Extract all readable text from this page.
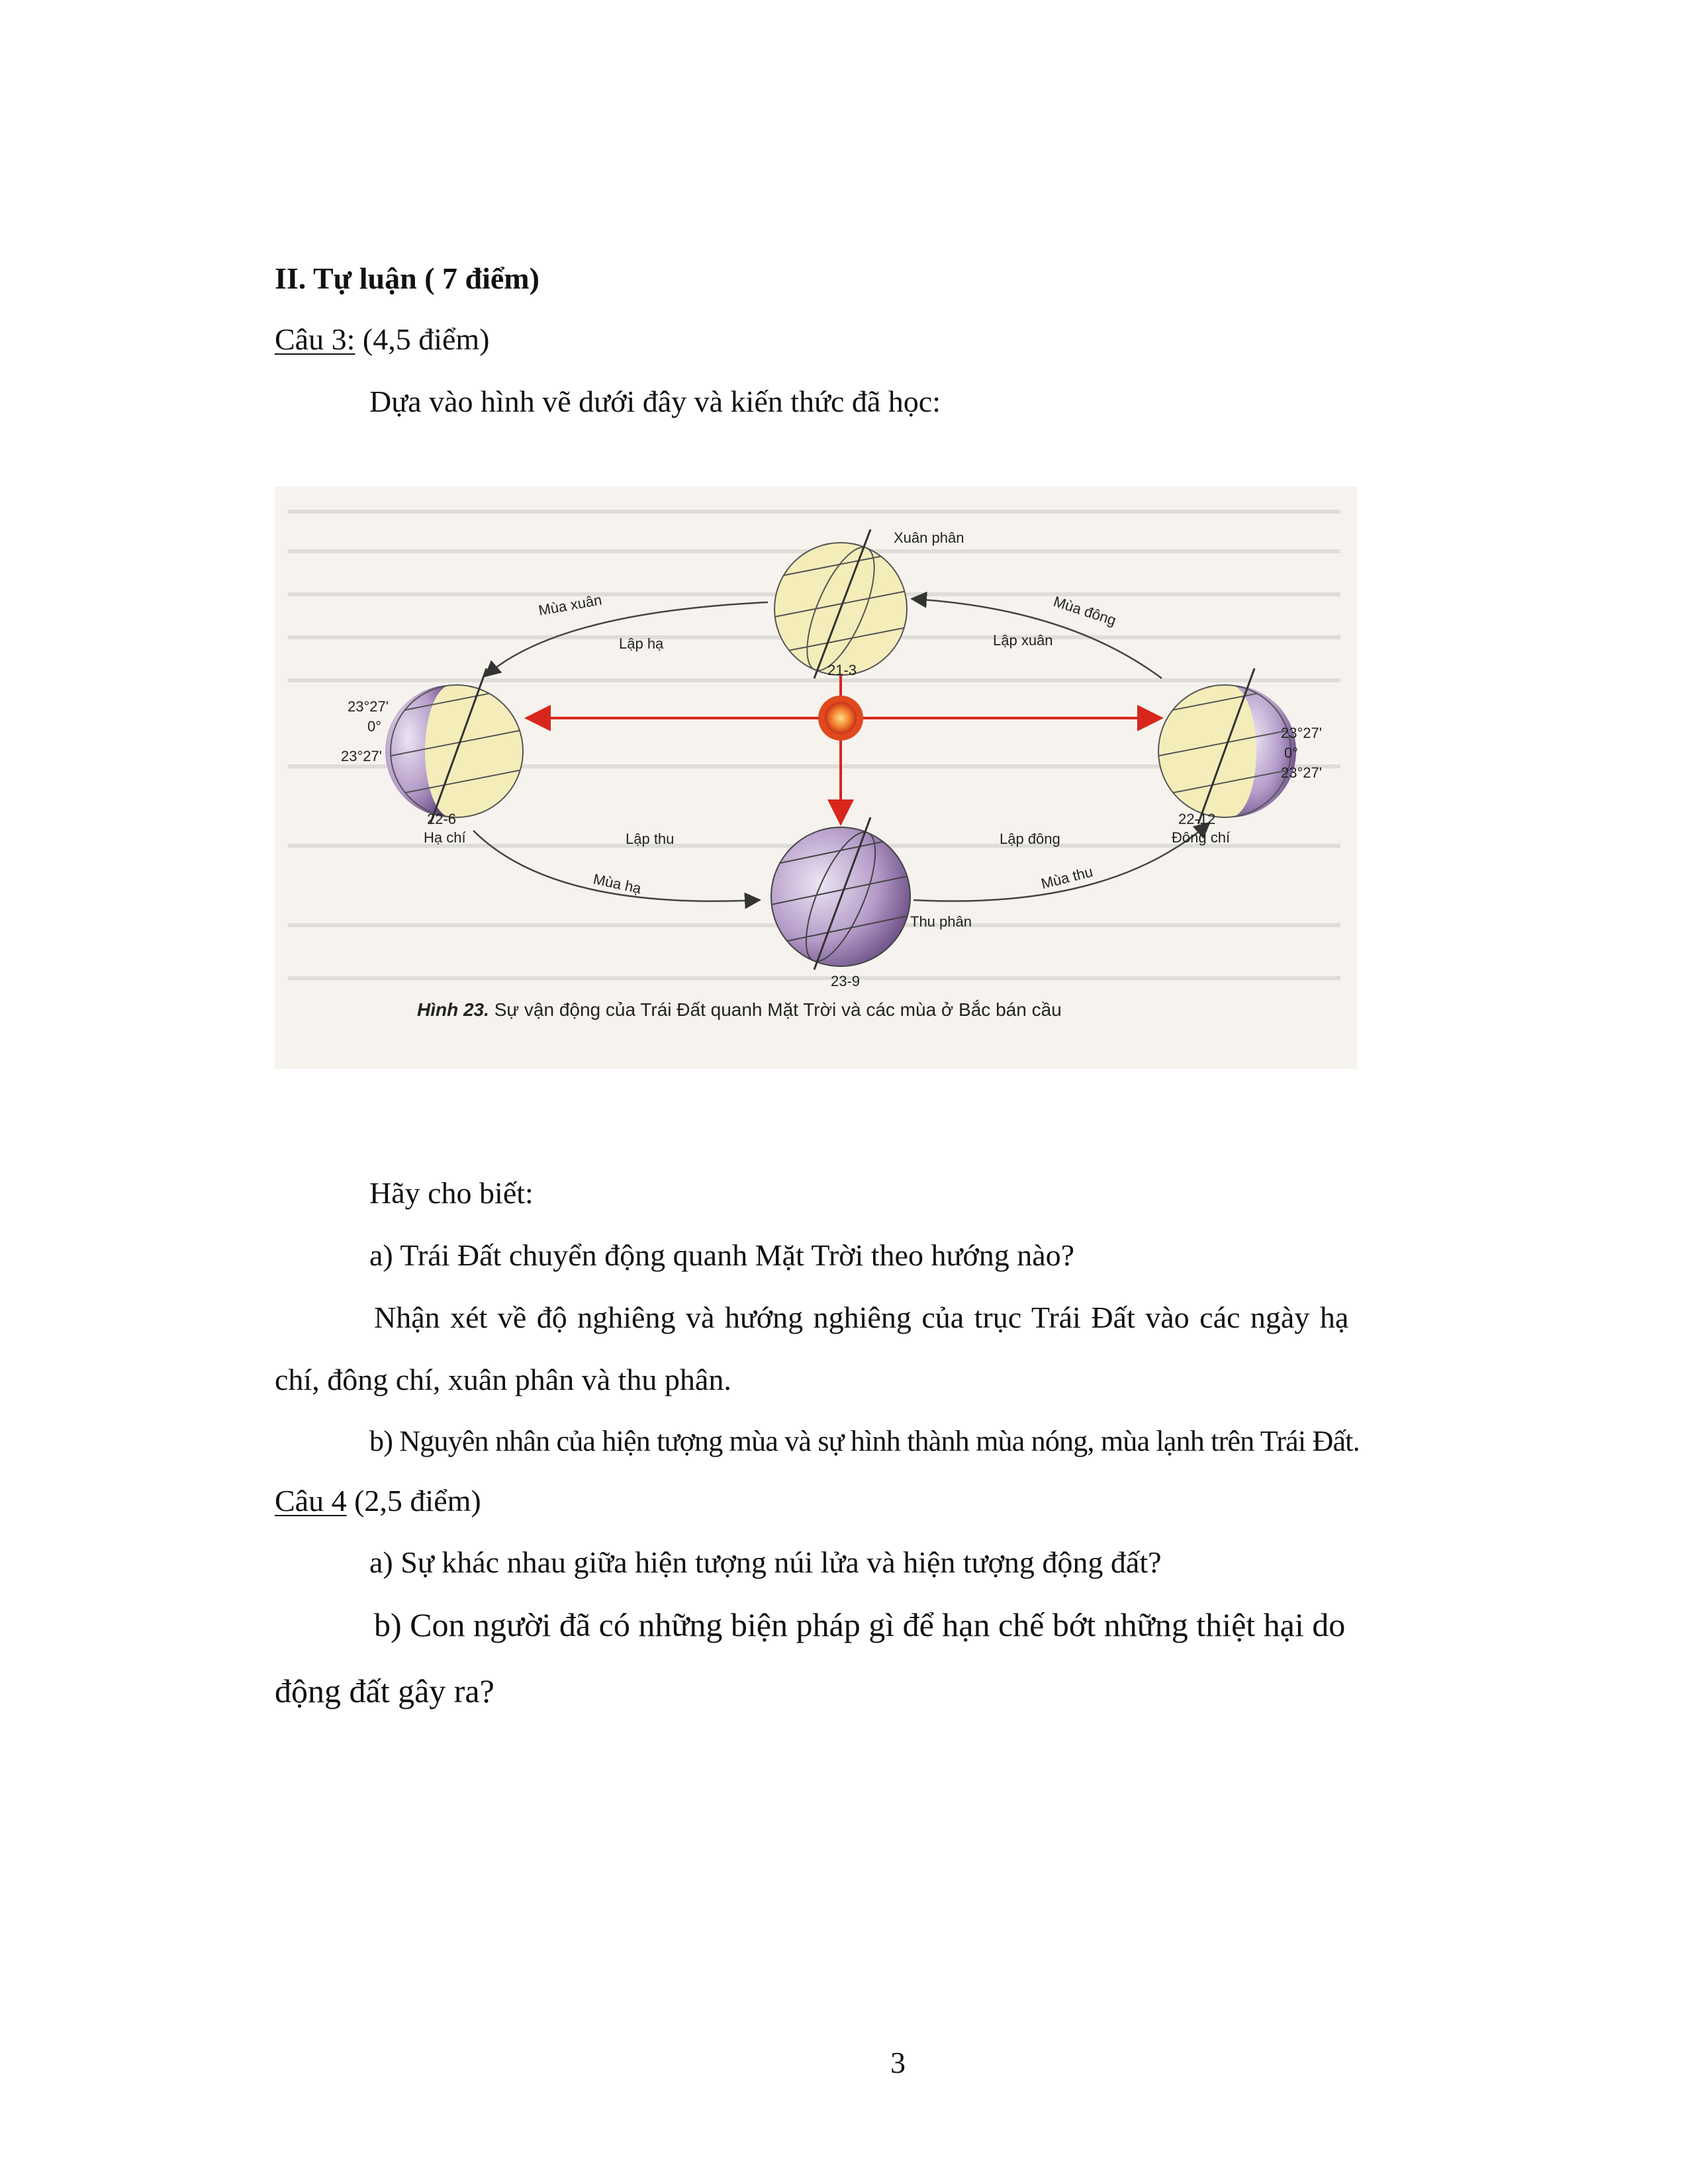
II. Tự luận ( 7 điểm)
Câu 3: (4,5 điểm)
Dựa vào hình vẽ dưới đây và kiến thức đã học:
Xuân phân
21-3
22-6
Hạ chí
23°27'
0°
23°27'
22-12
Đông chí
23°27'
0°
23°27'
Thu phân
23-9
Mùa xuân
Lập hạ
Mùa đông
Lập xuân
Lập thu
Mùa hạ
Lập đông
Mùa thu
Hình 23. Sự vận động của Trái Đất quanh Mặt Trời và các mùa ở Bắc bán cầu
Hãy cho biết:
a) Trái Đất chuyển động quanh Mặt Trời theo hướng nào?
Nhận xét về độ nghiêng và hướng nghiêng của trục Trái Đất vào các ngày hạ
chí, đông chí, xuân phân và thu phân.
b) Nguyên nhân của hiện tượng mùa và sự hình thành mùa nóng, mùa lạnh trên Trái Đất.
Câu 4 (2,5 điểm)
a) Sự khác nhau giữa hiện tượng núi lửa và hiện tượng động đất?
b) Con người đã có những biện pháp gì để hạn chế bớt những thiệt hại do
động đất gây ra?
3
